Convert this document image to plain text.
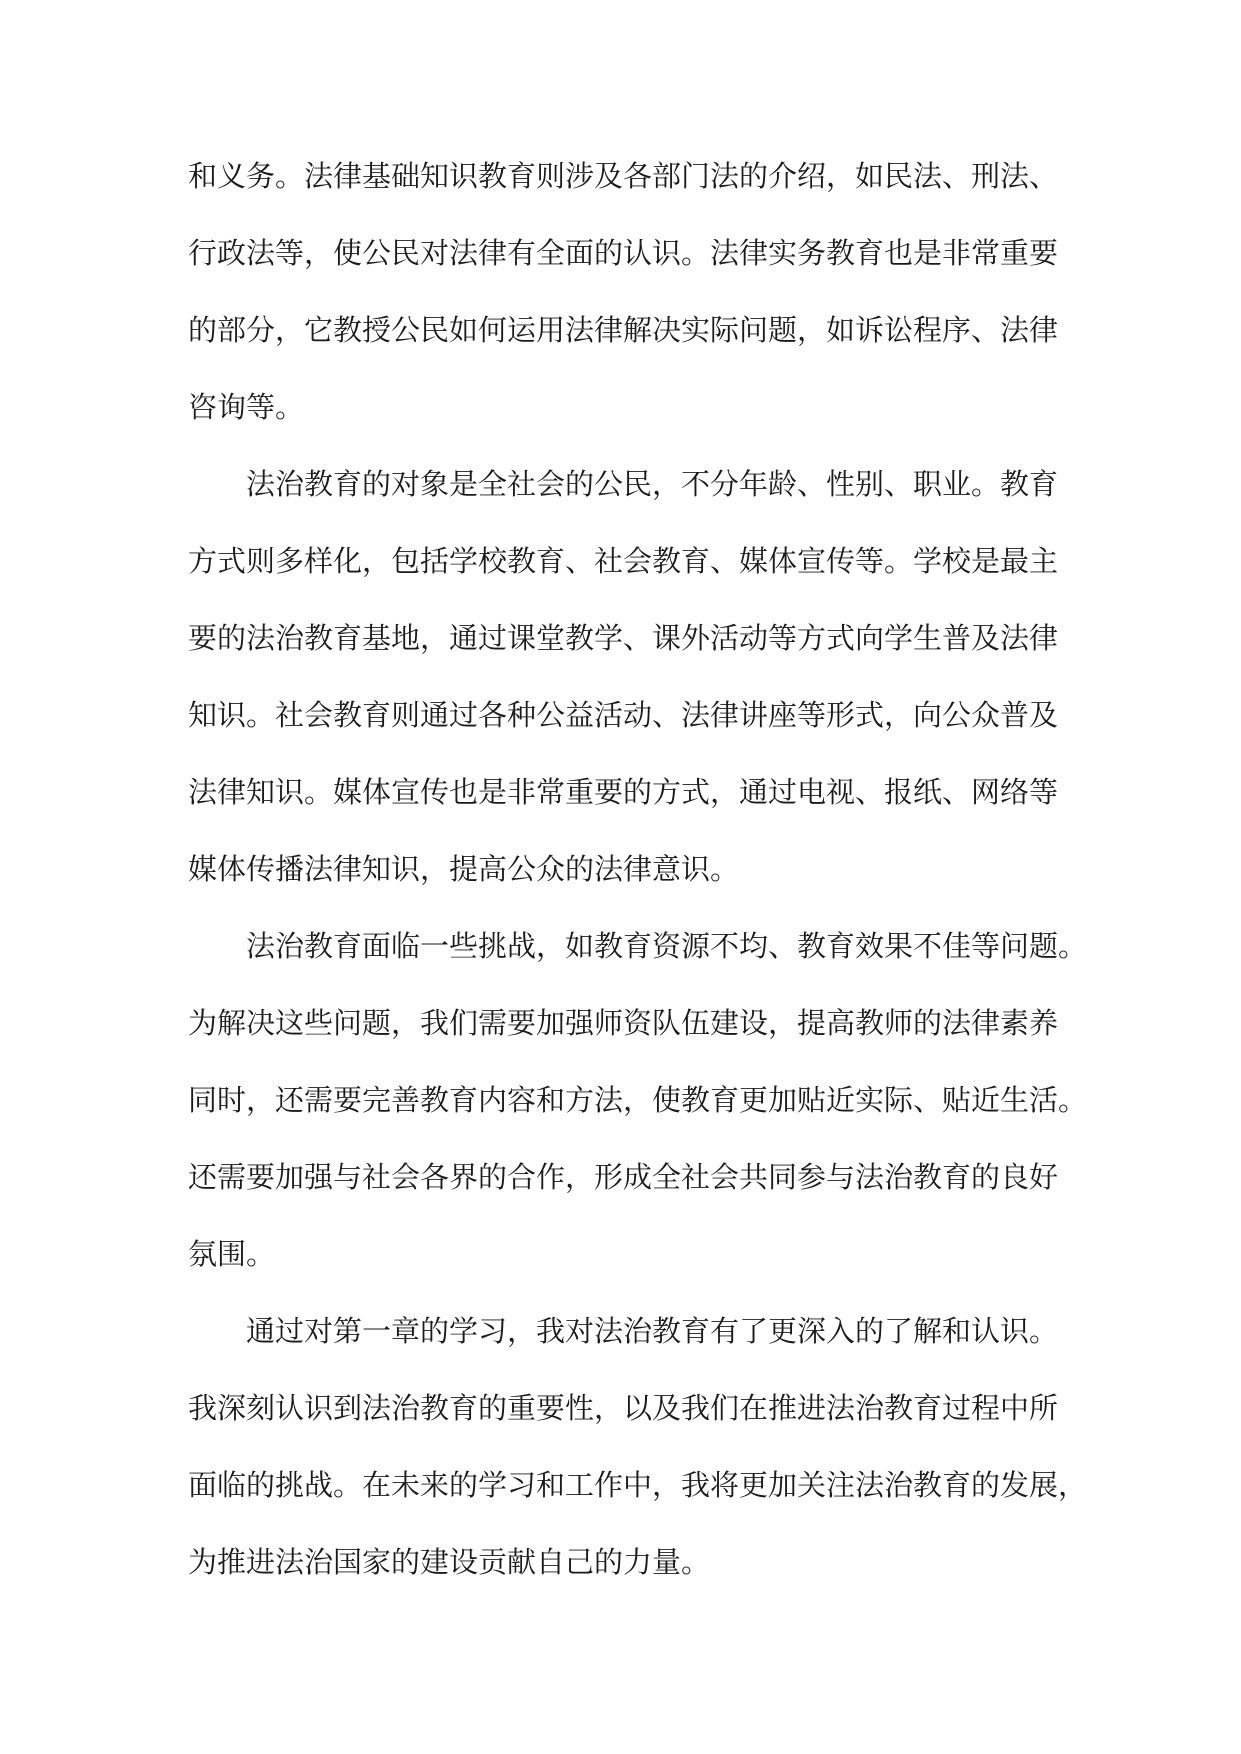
和义务。法律基础知识教育则涉及各部门法的介绍，如民法、刑法、
行政法等，使公民对法律有全面的认识。法律实务教育也是非常重要
的部分，它教授公民如何运用法律解决实际问题，如诉讼程序、法律
咨询等。
法治教育的对象是全社会的公民，不分年龄、性别、职业。教育
方式则多样化，包括学校教育、社会教育、媒体宣传等。学校是最主
要的法治教育基地，通过课堂教学、课外活动等方式向学生普及法律
知识。社会教育则通过各种公益活动、法律讲座等形式，向公众普及
法律知识。媒体宣传也是非常重要的方式，通过电视、报纸、网络等
媒体传播法律知识，提高公众的法律意识。
法治教育面临一些挑战，如教育资源不均、教育效果不佳等问题。
为解决这些问题，我们需要加强师资队伍建设，提高教师的法律素养
同时，还需要完善教育内容和方法，使教育更加贴近实际、贴近生活。
还需要加强与社会各界的合作，形成全社会共同参与法治教育的良好
氛围。
通过对第一章的学习，我对法治教育有了更深入的了解和认识。
我深刻认识到法治教育的重要性，以及我们在推进法治教育过程中所
面临的挑战。在未来的学习和工作中，我将更加关注法治教育的发展，
为推进法治国家的建设贡献自己的力量。
